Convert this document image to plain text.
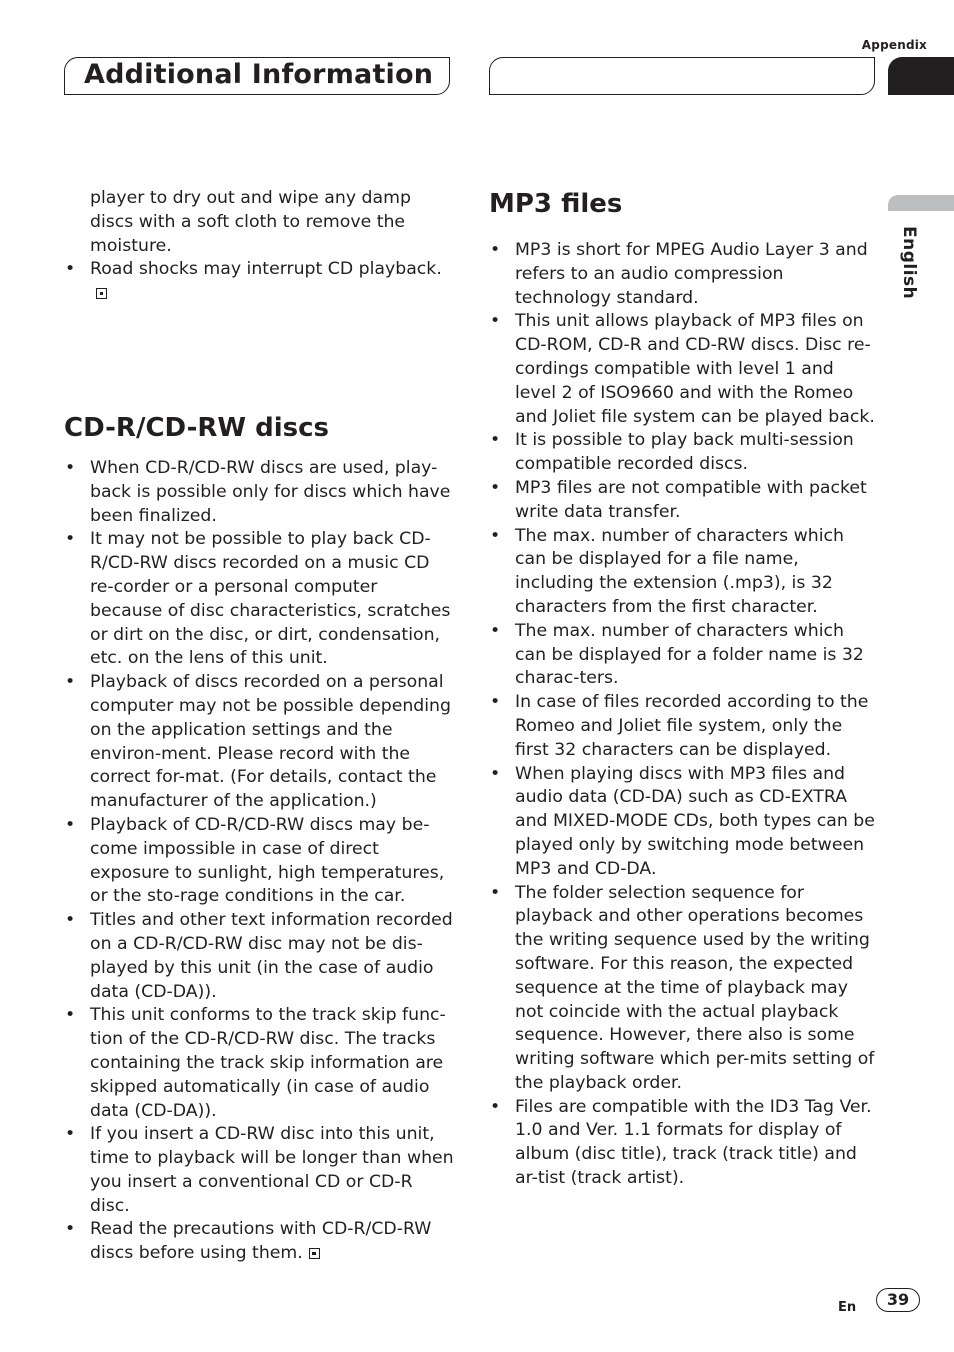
Appendix
Additional Information
English
player to dry out and wipe any damp discs with a soft cloth to remove the moisture.
• Road shocks may interrupt CD playback.
CD-R/CD-RW discs
• When CD-R/CD-RW discs are used, play-back is possible only for discs which have been finalized.
• It may not be possible to play back CD-R/CD-RW discs recorded on a music CD re-corder or a personal computer because of disc characteristics, scratches or dirt on the disc, or dirt, condensation, etc. on the lens of this unit.
• Playback of discs recorded on a personal computer may not be possible depending on the application settings and the environ-ment. Please record with the correct for-mat. (For details, contact the manufacturer of the application.)
• Playback of CD-R/CD-RW discs may be-come impossible in case of direct exposure to sunlight, high temperatures, or the sto-rage conditions in the car.
• Titles and other text information recorded on a CD-R/CD-RW disc may not be dis-played by this unit (in the case of audio data (CD-DA)).
• This unit conforms to the track skip func-tion of the CD-R/CD-RW disc. The tracks containing the track skip information are skipped automatically (in case of audio data (CD-DA)).
• If you insert a CD-RW disc into this unit, time to playback will be longer than when you insert a conventional CD or CD-R disc.
• Read the precautions with CD-R/CD-RW discs before using them.
MP3 files
• MP3 is short for MPEG Audio Layer 3 and refers to an audio compression technology standard.
• This unit allows playback of MP3 files on CD-ROM, CD-R and CD-RW discs. Disc re-cordings compatible with level 1 and level 2 of ISO9660 and with the Romeo and Joliet file system can be played back.
• It is possible to play back multi-session compatible recorded discs.
• MP3 files are not compatible with packet write data transfer.
• The max. number of characters which can be displayed for a file name, including the extension (.mp3), is 32 characters from the first character.
• The max. number of characters which can be displayed for a folder name is 32 charac-ters.
• In case of files recorded according to the Romeo and Joliet file system, only the first 32 characters can be displayed.
• When playing discs with MP3 files and audio data (CD-DA) such as CD-EXTRA and MIXED-MODE CDs, both types can be played only by switching mode between MP3 and CD-DA.
• The folder selection sequence for playback and other operations becomes the writing sequence used by the writing software. For this reason, the expected sequence at the time of playback may not coincide with the actual playback sequence. However, there also is some writing software which per-mits setting of the playback order.
• Files are compatible with the ID3 Tag Ver. 1.0 and Ver. 1.1 formats for display of album (disc title), track (track title) and ar-tist (track artist).
En	39
